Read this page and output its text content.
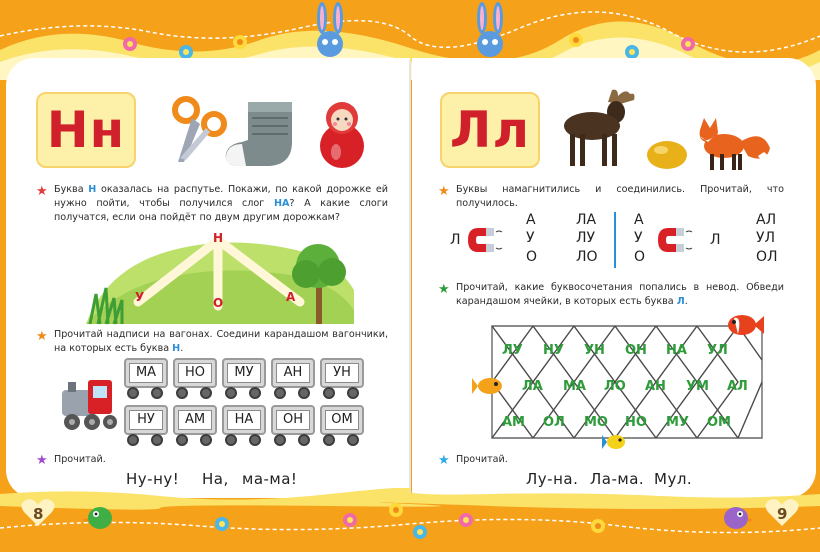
Нн
★ Буква Н оказалась на распутье. Покажи, по какой дорожке ей нужно пойти, чтобы получился слог НА? А какие слоги получатся, если она пойдёт по двум другим дорожкам?

Н
У	О	А
★ Прочитай надписи на вагонах. Соедини карандашом вагончики, на которых есть буква Н.

МА	НО	МУ	АН	УН
НУ	АМ	НА	ОН	ОМ
★ Прочитай.
Ну-ну! На, ма-ма!
Лл
★ Буквы намагнитились и соединились. Прочитай, что получилось.

Л
А
У
О
ЛА
ЛУ
ЛО
А
У
О
Л
АЛ
УЛ
ОЛ
★ Прочитай, какие буквосочетания попались в невод. Обведи карандашом ячейки, в которых есть буква Л.

ЛУ НУ УН ОН НА УЛ
ЛА МА ЛО АН УМ АЛ
АМ ОЛ МО НО МУ ОМ
★ Прочитай.
Лу-на. Ла-ма. Мул.
8	9
